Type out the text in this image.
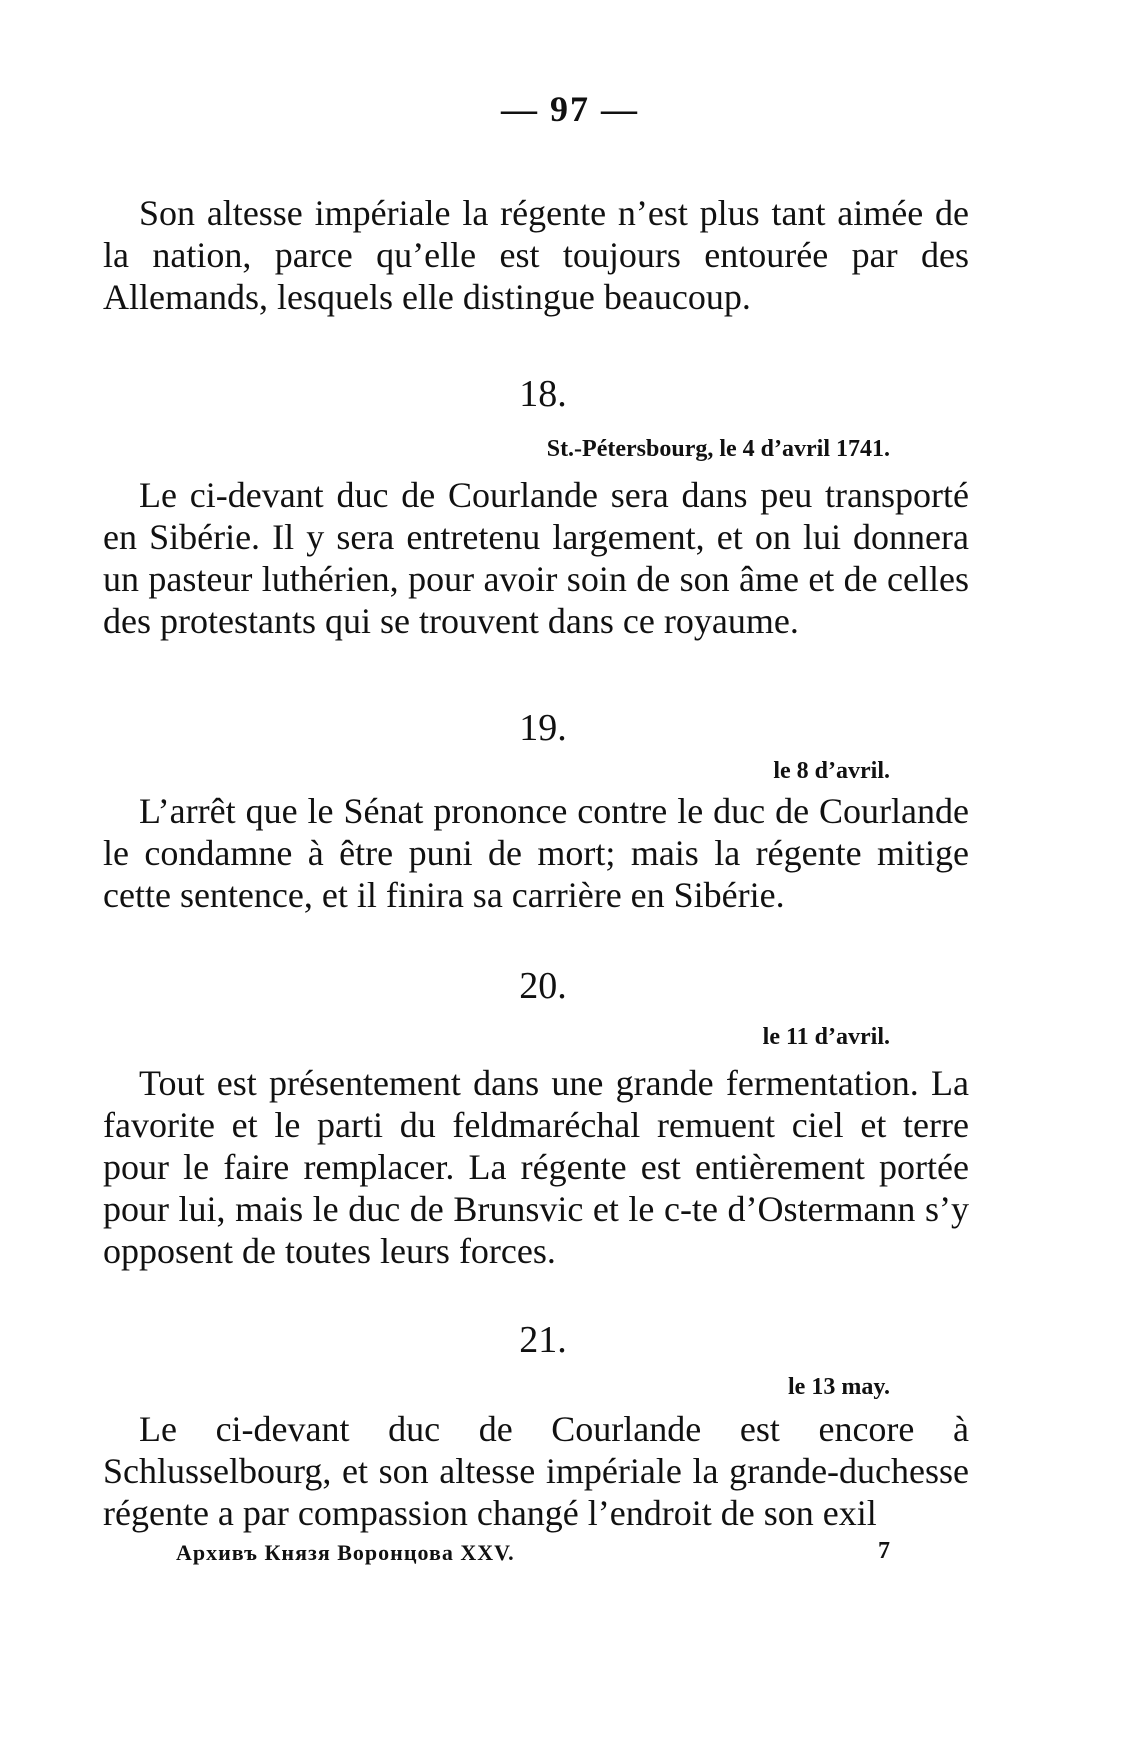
— 97 —

Son altesse impériale la régente n’est plus tant aimée de la nation, parce qu’elle est toujours entourée par des Allemands, lesquels elle distingue beaucoup.

18.
St.-Pétersbourg, le 4 d’avril 1741.

Le ci-devant duc de Courlande sera dans peu transporté en Sibérie. Il y sera entretenu largement, et on lui donnera un pasteur luthérien, pour avoir soin de son âme et de celles des protestants qui se trouvent dans ce royaume.

19.
le 8 d’avril.

L’arrêt que le Sénat prononce contre le duc de Courlande le condamne à être puni de mort; mais la régente mitige cette sentence, et il finira sa carrière en Sibérie.

20.
le 11 d’avril.

Tout est présentement dans une grande fermentation. La favorite et le parti du feldmaréchal remuent ciel et terre pour le faire remplacer. La régente est entièrement portée pour lui, mais le duc de Brunsvic et le c-te d’Ostermann s’y opposent de toutes leurs forces.

21.
le 13 may.

Le ci-devant duc de Courlande est encore à Schlusselbourg, et son altesse impériale la grande-duchesse régente a par compassion changé l’endroit de son exil

Архивъ Князя Воронцова XXV.	7
